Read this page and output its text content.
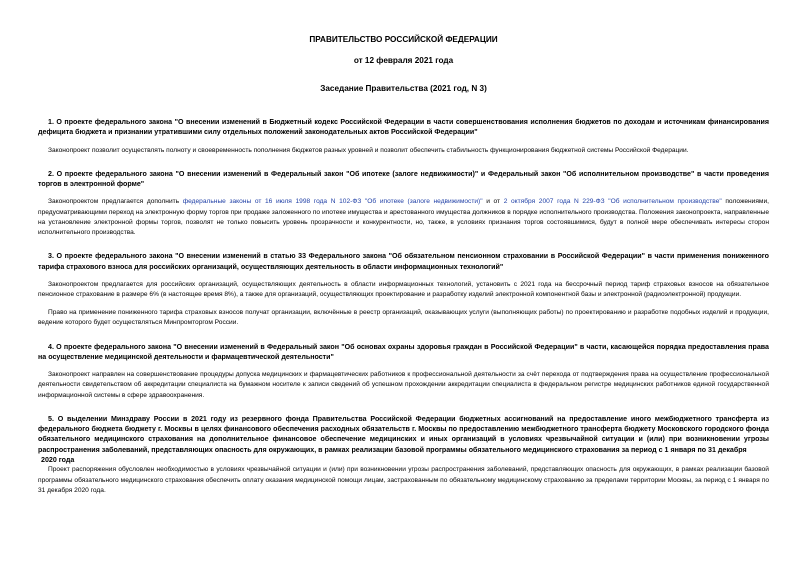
ПРАВИТЕЛЬСТВО РОССИЙСКОЙ ФЕДЕРАЦИИ
от 12 февраля 2021 года
Заседание Правительства (2021 год, N 3)

1. О проекте федерального закона "О внесении изменений в Бюджетный кодекс Российской Федерации в части совершенствования исполнения бюджетов по доходам и источникам финансирования дефицита бюджета и признании утратившими силу отдельных положений законодательных актов Российской Федерации"

Законопроект позволит осуществлять полноту и своевременность пополнения бюджетов разных уровней и позволит обеспечить стабильность функционирования бюджетной системы Российской Федерации.

2. О проекте федерального закона "О внесении изменений в Федеральный закон "Об ипотеке (залоге недвижимости)" и Федеральный закон "Об исполнительном производстве" в части проведения торгов в электронной форме"

Законопроектом предлагается дополнить федеральные законы от 16 июля 1998 года N 102-ФЗ "Об ипотеке (залоге недвижимости)" и от 2 октября 2007 года N 229-ФЗ "Об исполнительном производстве" положениями, предусматривающими переход на электронную форму торгов при продаже заложенного по ипотеке имущества и арестованного имущества должников в порядке исполнительного производства. Положения законопроекта, направленные на установление электронной формы торгов, позволят не только повысить уровень прозрачности и конкурентности, но, также, в условиях признания торгов состоявшимися, будут в полной мере обеспечивать интересы сторон исполнительного производства.

3. О проекте федерального закона "О внесении изменений в статью 33 Федерального закона "Об обязательном пенсионном страховании в Российской Федерации" в части применения пониженного тарифа страхового взноса для российских организаций, осуществляющих деятельность в области информационных технологий"

Законопроектом предлагается для российских организаций, осуществляющих деятельность в области информационных технологий, установить с 2021 года на бессрочный период тариф страховых взносов на обязательное пенсионное страхование в размере 6% (в настоящее время 8%), а также для организаций, осуществляющих проектирование и разработку изделий электронной компонентной базы и электронной (радиоэлектронной) продукции.

Право на применение пониженного тарифа страховых взносов получат организации, включённые в реестр организаций, оказывающих услуги (выполняющих работы) по проектированию и разработке подобных изделий и продукции, ведение которого будет осуществляться Минпромторгом России.

4. О проекте федерального закона "О внесении изменений в Федеральный закон "Об основах охраны здоровья граждан в Российской Федерации" в части, касающейся порядка предоставления права на осуществление медицинской деятельности и фармацевтической деятельности"

Законопроект направлен на совершенствование процедуры допуска медицинских и фармацевтических работников к профессиональной деятельности за счёт перехода от подтверждения права на осуществление профессиональной деятельности свидетельством об аккредитации специалиста на бумажном носителе к записи сведений об успешном прохождении аккредитации специалиста в федеральном регистре медицинских работников единой государственной информационной системы в сфере здравоохранения.

5. О выделении Минздраву России в 2021 году из резервного фонда Правительства Российской Федерации бюджетных ассигнований на предоставление иного межбюджетного трансферта из федерального бюджета бюджету г. Москвы в целях финансового обеспечения расходных обязательств г. Москвы по предоставлению межбюджетного трансферта бюджету Московского городского фонда обязательного медицинского страхования на дополнительное финансовое обеспечение медицинских и иных организаций в условиях чрезвычайной ситуации и (или) при возникновении угрозы распространения заболеваний, представляющих опасность для окружающих, в рамках реализации базовой программы обязательного медицинского страхования за период с 1 января по 31 декабря

2020 года

Проект распоряжения обусловлен необходимостью в условиях чрезвычайной ситуации и (или) при возникновении угрозы распространения заболеваний, представляющих опасность для окружающих, в рамках реализации базовой программы обязательного медицинского страхования обеспечить оплату оказания медицинской помощи лицам, застрахованным по обязательному медицинскому страхованию за пределами территории Москвы, за период с 1 января по 31 декабря 2020 года.
